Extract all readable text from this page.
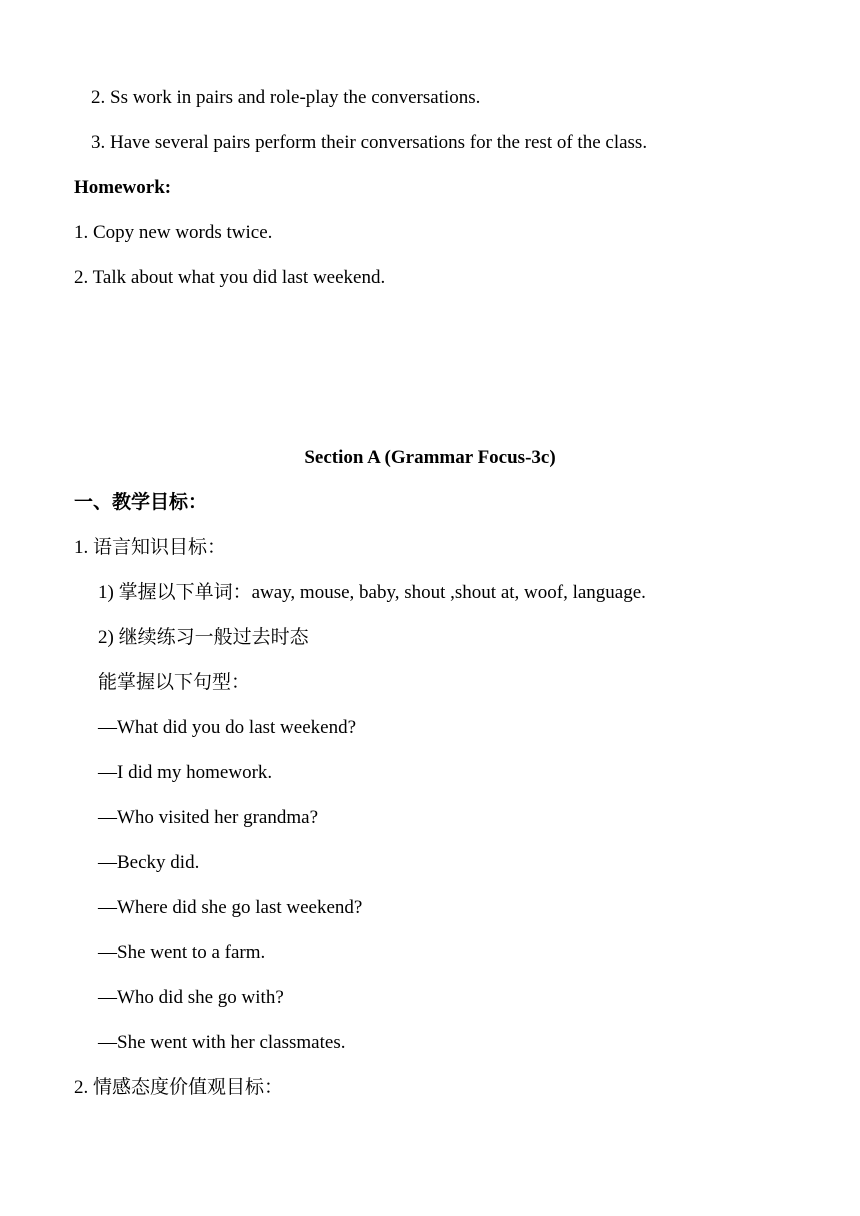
2. Ss work in pairs and role-play the conversations.
3. Have several pairs perform their conversations for the rest of the class.
Homework:
1. Copy new words twice.
2. Talk about what you did last weekend.
Section A (Grammar Focus-3c)
一、教学目标：
1. 语言知识目标：
1) 掌握以下单词：away, mouse, baby, shout ,shout at, woof, language.
2) 继续练习一般过去时态
能掌握以下句型：
—What did you do last weekend?
—I did my homework.
—Who visited her grandma?
—Becky did.
—Where did she go last weekend?
—She went to a farm.
—Who did she go with?
—She went with her classmates.
2. 情感态度价值观目标：
